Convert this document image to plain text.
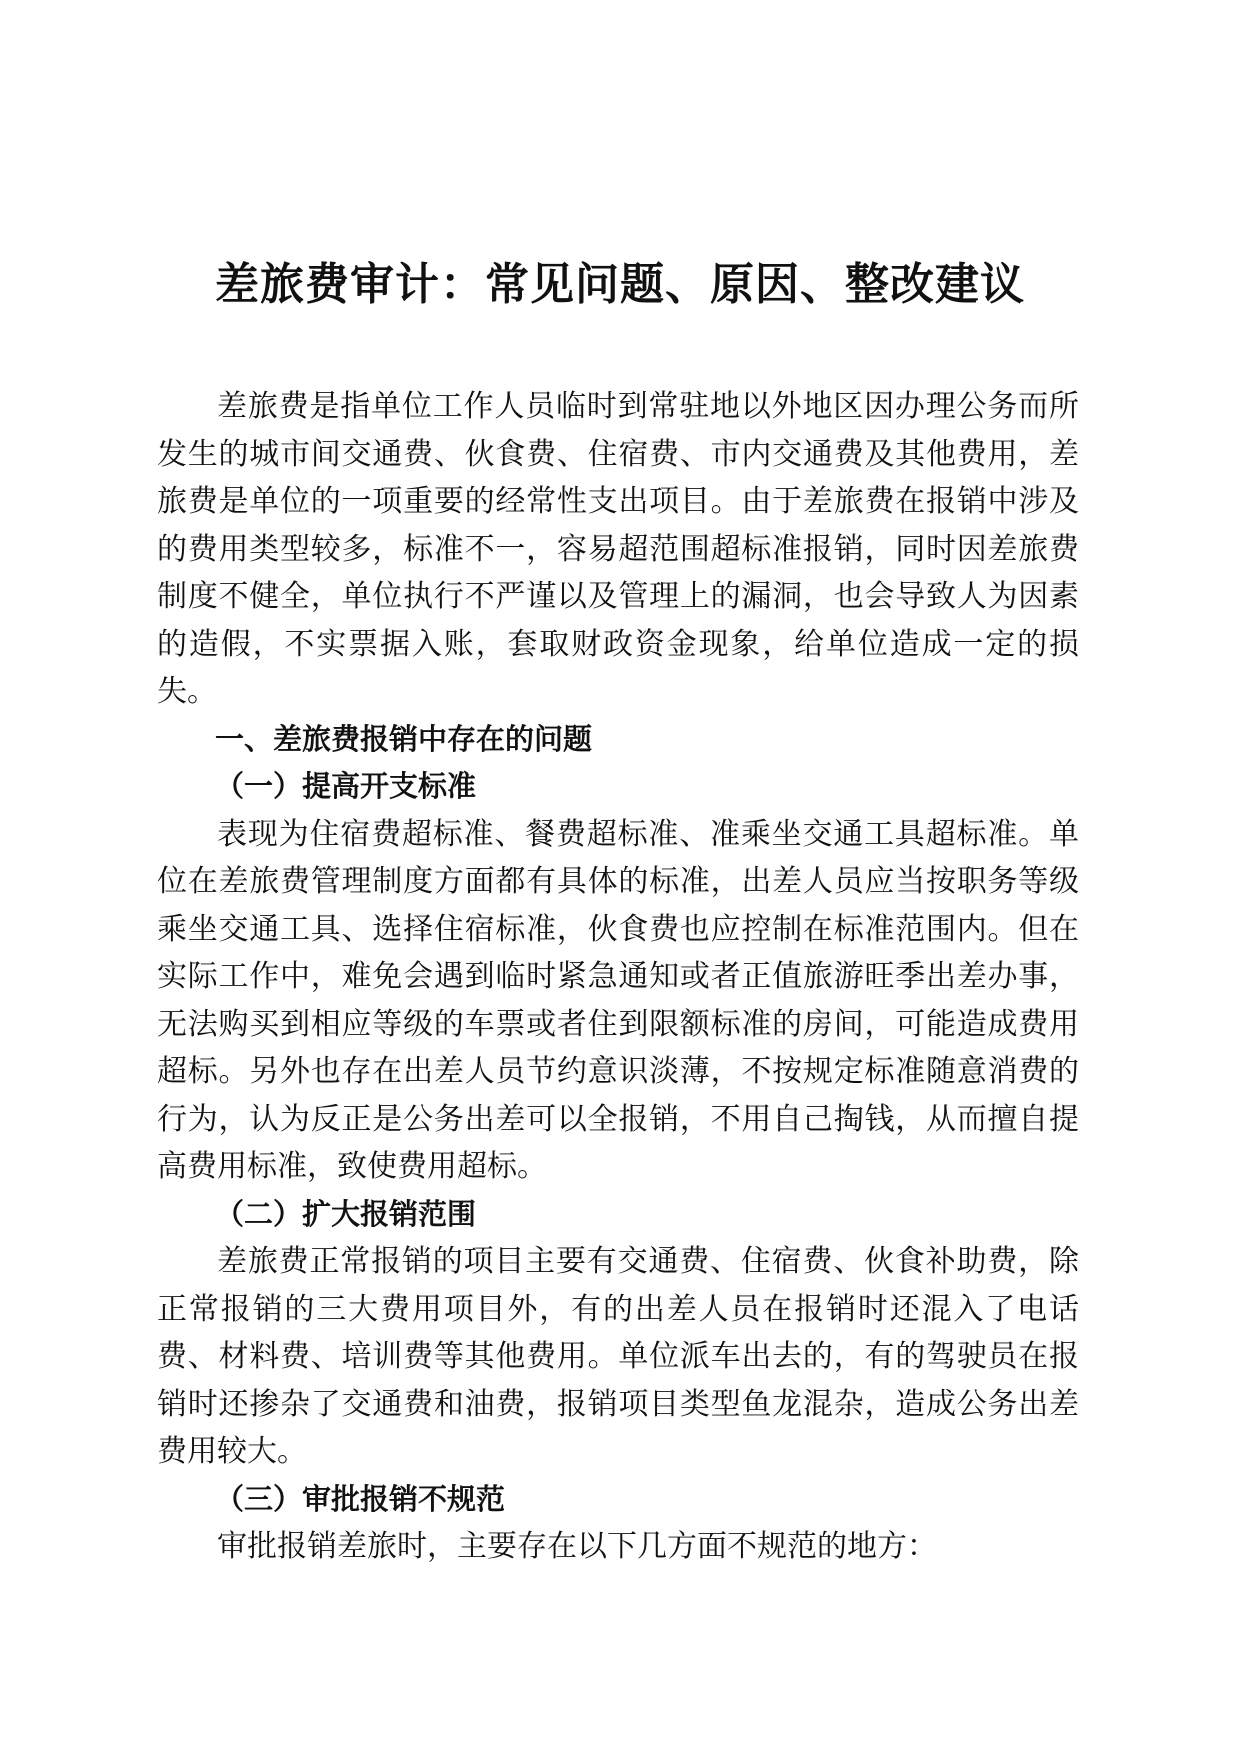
差旅费审计：常见问题、原因、整改建议

差旅费是指单位工作人员临时到常驻地以外地区因办理公务而所发生的城市间交通费、伙食费、住宿费、市内交通费及其他费用，差旅费是单位的一项重要的经常性支出项目。由于差旅费在报销中涉及的费用类型较多，标准不一，容易超范围超标准报销，同时因差旅费制度不健全，单位执行不严谨以及管理上的漏洞，也会导致人为因素的造假，不实票据入账，套取财政资金现象，给单位造成一定的损失。

一、差旅费报销中存在的问题

（一）提高开支标准

表现为住宿费超标准、餐费超标准、准乘坐交通工具超标准。单位在差旅费管理制度方面都有具体的标准，出差人员应当按职务等级乘坐交通工具、选择住宿标准，伙食费也应控制在标准范围内。但在实际工作中，难免会遇到临时紧急通知或者正值旅游旺季出差办事，无法购买到相应等级的车票或者住到限额标准的房间，可能造成费用超标。另外也存在出差人员节约意识淡薄，不按规定标准随意消费的行为，认为反正是公务出差可以全报销，不用自己掏钱，从而擅自提高费用标准，致使费用超标。

（二）扩大报销范围

差旅费正常报销的项目主要有交通费、住宿费、伙食补助费，除正常报销的三大费用项目外，有的出差人员在报销时还混入了电话费、材料费、培训费等其他费用。单位派车出去的，有的驾驶员在报销时还掺杂了交通费和油费，报销项目类型鱼龙混杂，造成公务出差费用较大。

（三）审批报销不规范

审批报销差旅时，主要存在以下几方面不规范的地方：
